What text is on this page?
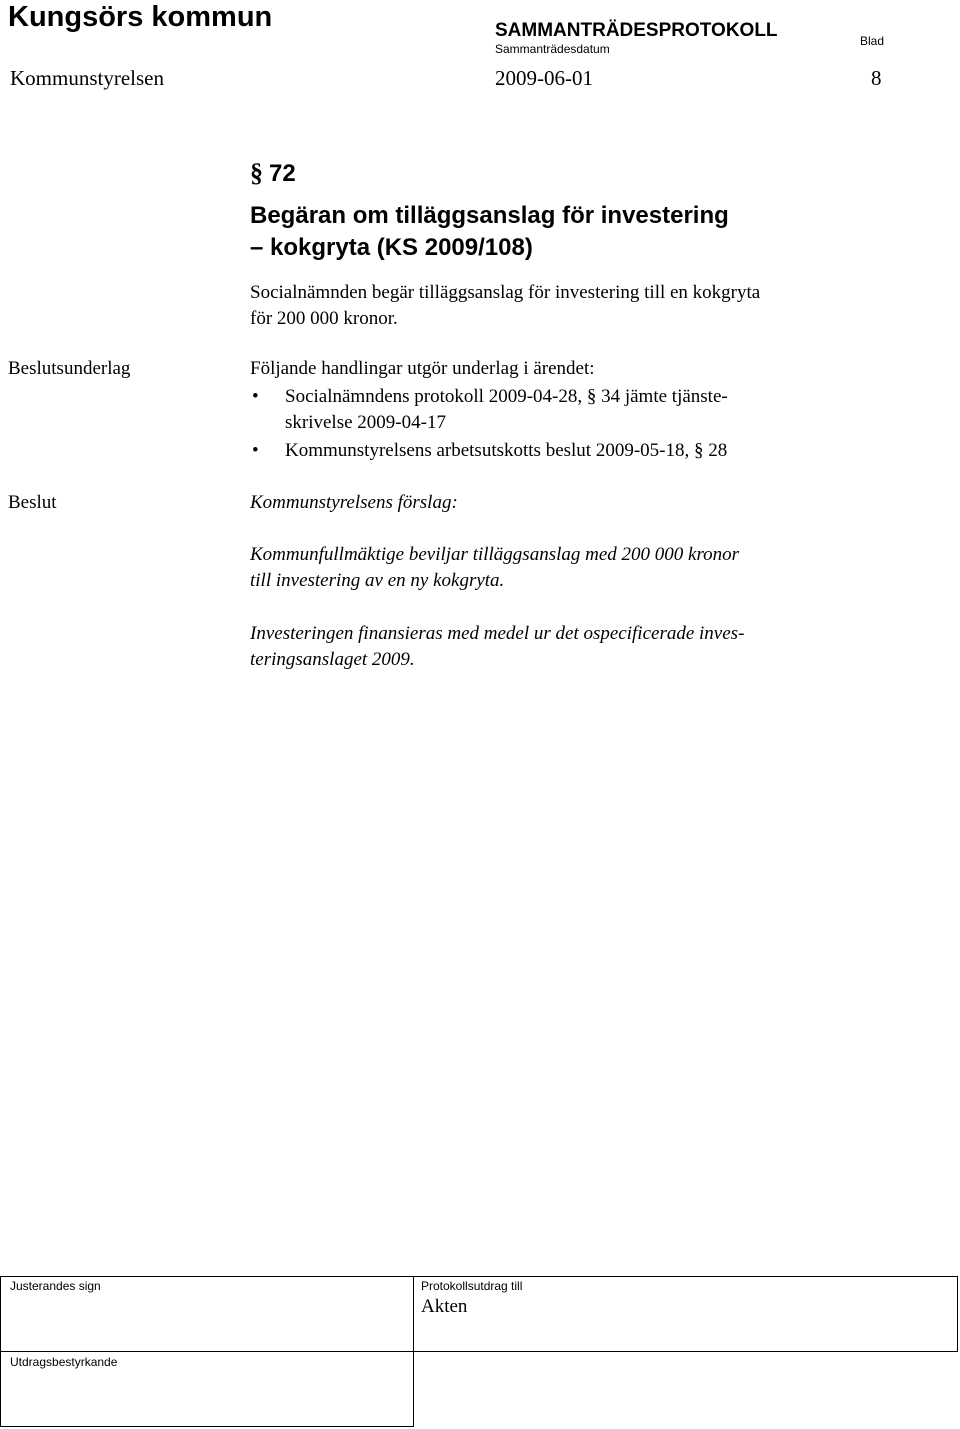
Kungsörs kommun	SAMMANTRÄDESPROTOKOLL
Sammanträdesdatum
Blad
Kommunstyrelsen	2009-06-01	8
§ 72
Begäran om tilläggsanslag för investering
– kokgryta (KS 2009/108)
Socialnämnden begär tilläggsanslag för investering till en kokgryta
för 200 000 kronor.
Beslutsunderlag	Följande handlingar utgör underlag i ärendet:
• Socialnämndens protokoll 2009-04-28, § 34 jämte tjänste-
skrivelse 2009-04-17
• Kommunstyrelsens arbetsutskotts beslut 2009-05-18, § 28
Beslut	Kommunstyrelsens förslag:
Kommunfullmäktige beviljar tilläggsanslag med 200 000 kronor
till investering av en ny kokgryta.
Investeringen finansieras med medel ur det ospecificerade inves-
teringsanslaget 2009.
Justerandes sign	Protokollsutdrag till
Akten
Utdragsbestyrkande
